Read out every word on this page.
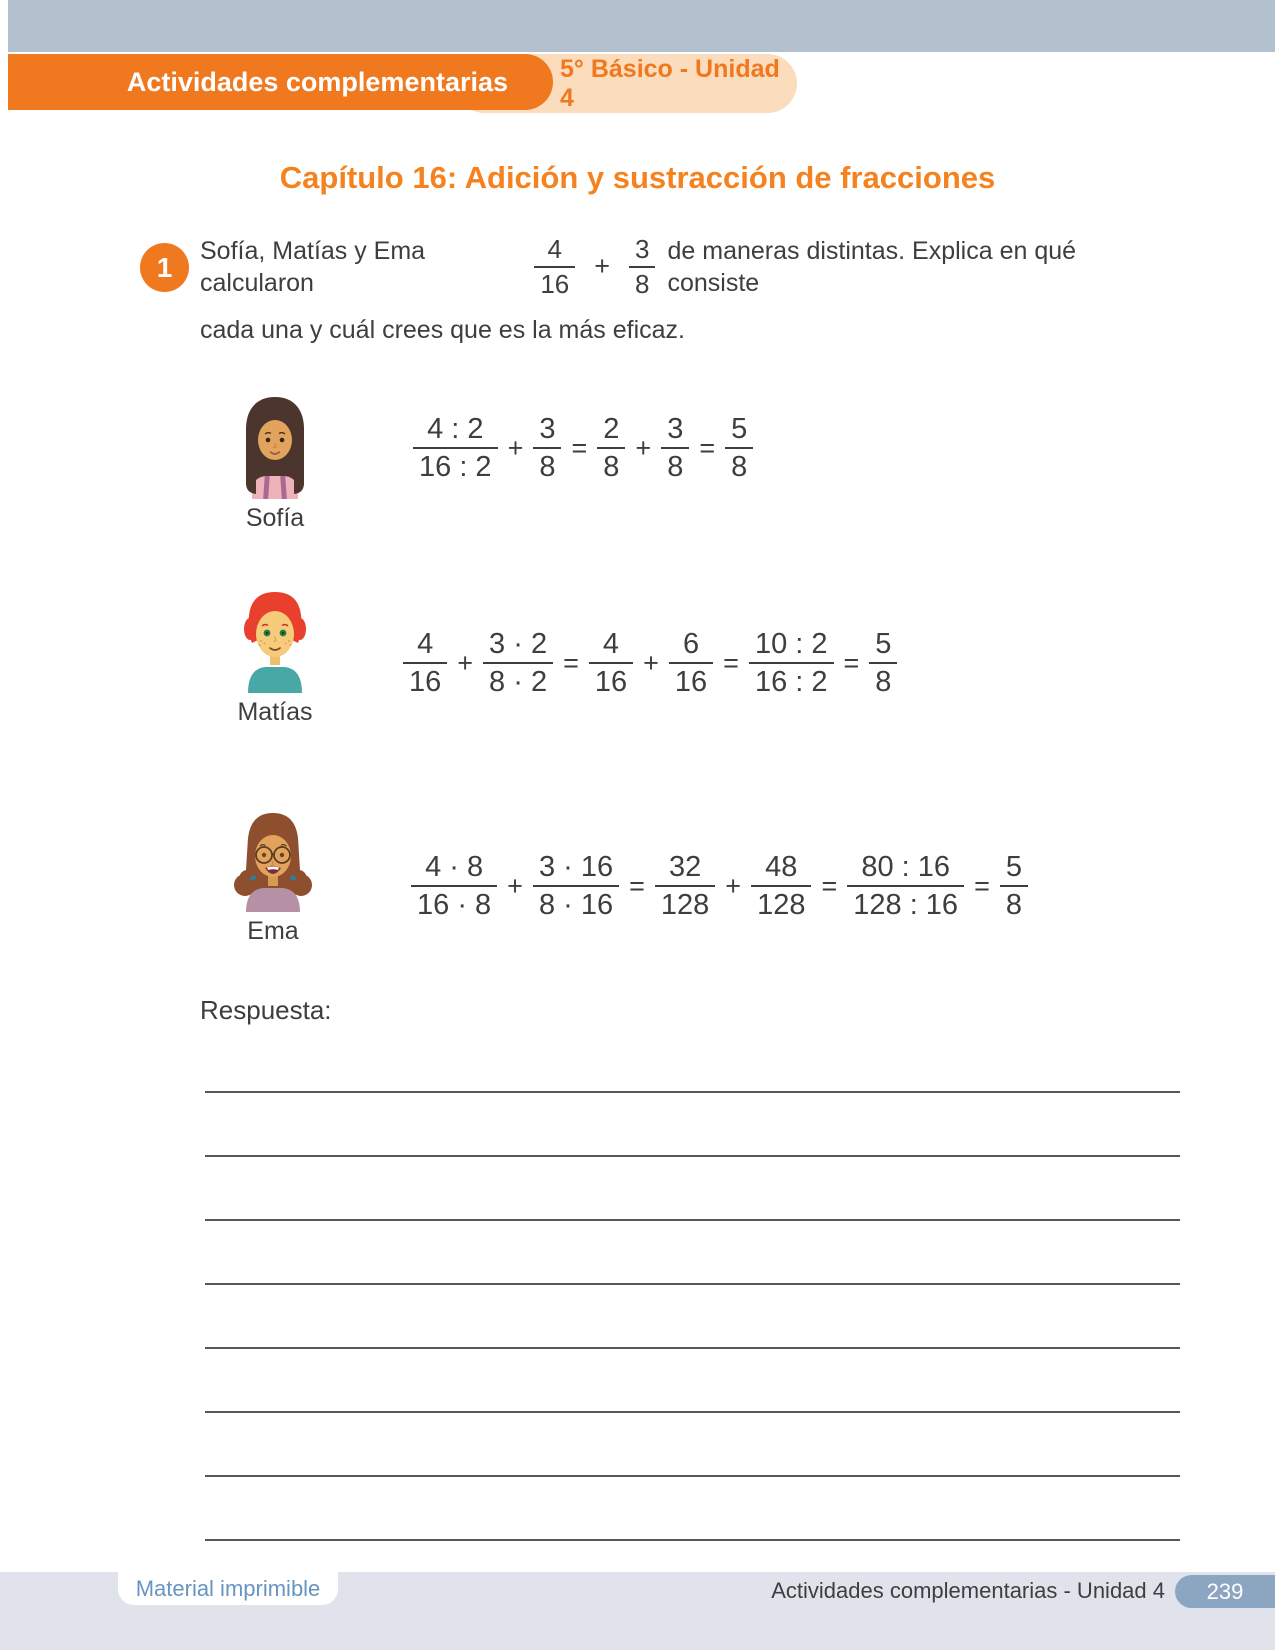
5° Básico - Unidad 4
Actividades complementarias
Capítulo 16: Adición y sustracción de fracciones
1
Sofía, Matías y Ema calcularon	$\frac{4}{16} + \frac{3}{8}$ de maneras distintas. Explica en qué consiste
cada una y cuál crees que es la más eficaz.
Sofía
$\frac{4 : 2}{16 : 2} + \frac{3}{8} = \frac{2}{8} + \frac{3}{8} = \frac{5}{8}$
Matías
$\frac{4}{16} + \frac{3 \cdot 2}{8 \cdot 2} = \frac{4}{16} + \frac{6}{16} = \frac{10 : 2}{16 : 2} = \frac{5}{8}$
Ema
$\frac{4 \cdot 8}{16 \cdot 8} + \frac{3 \cdot 16}{8 \cdot 16} = \frac{32}{128} + \frac{48}{128} = \frac{80 : 16}{128 : 16} = \frac{5}{8}$
Respuesta:
Material imprimible	Actividades complementarias - Unidad 4 239
